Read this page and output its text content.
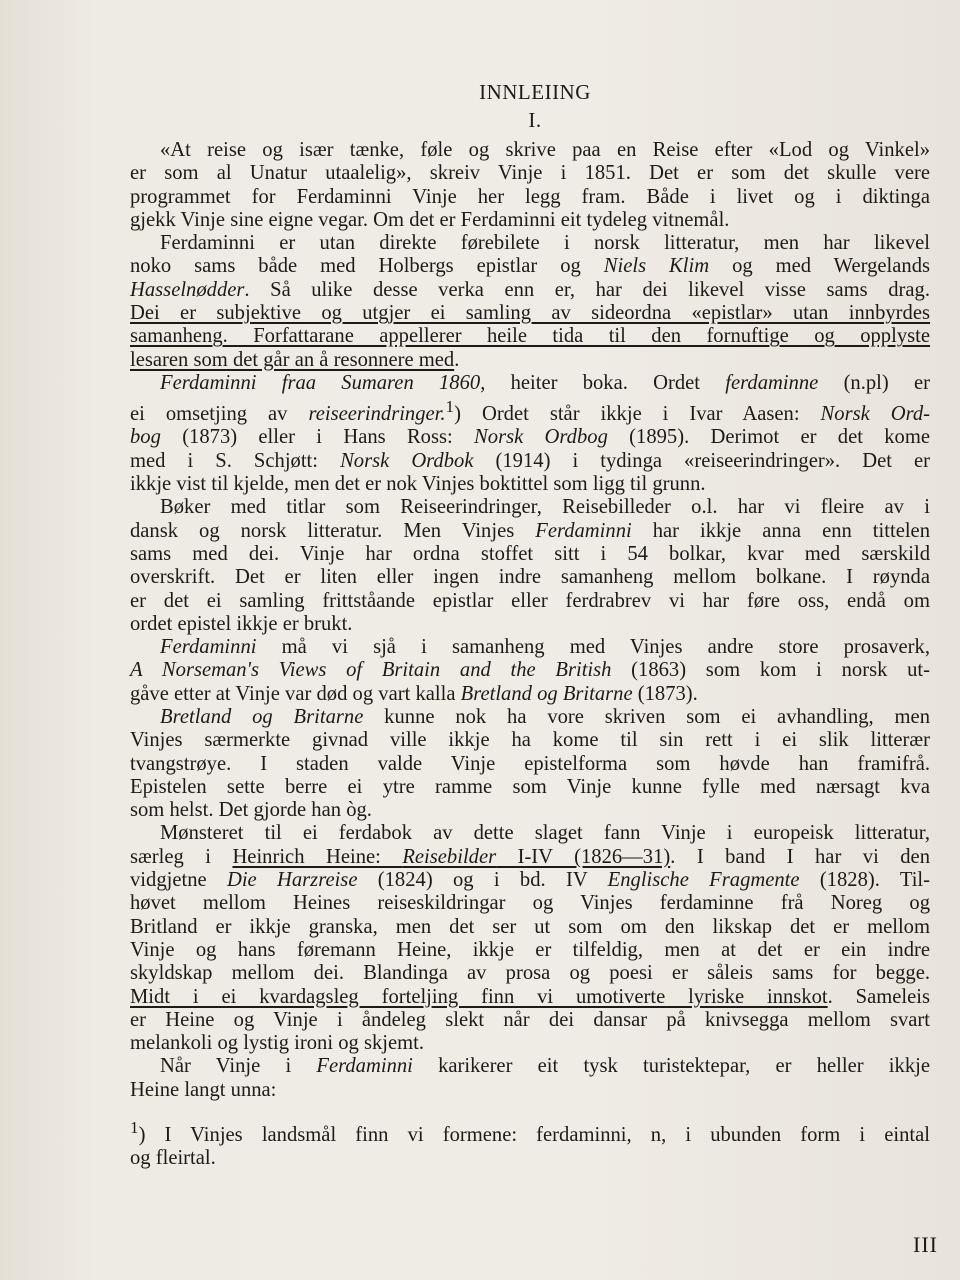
INNLEIING
I.
«At reise og især tænke, føle og skrive paa en Reise efter «Lod og Vinkel»
er som al Unatur utaalelig», skreiv Vinje i 1851. Det er som det skulle vere
programmet for Ferdaminni Vinje her legg fram. Både i livet og i diktinga
gjekk Vinje sine eigne vegar. Om det er Ferdaminni eit tydeleg vitnemål.
Ferdaminni er utan direkte førebilete i norsk litteratur, men har likevel
noko sams både med Holbergs epistlar og Niels Klim og med Wergelands
Hasselnødder. Så ulike desse verka enn er, har dei likevel visse sams drag.
Dei er subjektive og utgjer ei samling av sideordna «epistlar» utan innbyrdes
samanheng. Forfattarane appellerer heile tida til den fornuftige og opplyste
lesaren som det går an å resonnere med.
Ferdaminni fraa Sumaren 1860, heiter boka. Ordet ferdaminne (n.pl) er
ei omsetjing av reiseerindringer.$^1$) Ordet står ikkje i Ivar Aasen: Norsk Ord-
bog (1873) eller i Hans Ross: Norsk Ordbog (1895). Derimot er det kome
med i S. Schjøtt: Norsk Ordbok (1914) i tydinga «reiseerindringer». Det er
ikkje vist til kjelde, men det er nok Vinjes boktittel som ligg til grunn.
Bøker med titlar som Reiseerindringer, Reisebilleder o.l. har vi fleire av i
dansk og norsk litteratur. Men Vinjes Ferdaminni har ikkje anna enn tittelen
sams med dei. Vinje har ordna stoffet sitt i 54 bolkar, kvar med særskild
overskrift. Det er liten eller ingen indre samanheng mellom bolkane. I røynda
er det ei samling frittståande epistlar eller ferdrabrev vi har føre oss, endå om
ordet epistel ikkje er brukt.
Ferdaminni må vi sjå i samanheng med Vinjes andre store prosaverk,
A Norseman's Views of Britain and the British (1863) som kom i norsk ut-
gåve etter at Vinje var død og vart kalla Bretland og Britarne (1873).
Bretland og Britarne kunne nok ha vore skriven som ei avhandling, men
Vinjes særmerkte givnad ville ikkje ha kome til sin rett i ei slik litterær
tvangstrøye. I staden valde Vinje epistelforma som høvde han framifrå.
Epistelen sette berre ei ytre ramme som Vinje kunne fylle med nærsagt kva
som helst. Det gjorde han òg.
Mønsteret til ei ferdabok av dette slaget fann Vinje i europeisk litteratur,
særleg i Heinrich Heine: Reisebilder I-IV (1826—31). I band I har vi den
vidgjetne Die Harzreise (1824) og i bd. IV Englische Fragmente (1828). Til-
høvet mellom Heines reiseskildringar og Vinjes ferdaminne frå Noreg og
Britland er ikkje granska, men det ser ut som om den likskap det er mellom
Vinje og hans føremann Heine, ikkje er tilfeldig, men at det er ein indre
skyldskap mellom dei. Blandinga av prosa og poesi er såleis sams for begge.
Midt i ei kvardagsleg forteljing finn vi umotiverte lyriske innskot. Sameleis
er Heine og Vinje i åndeleg slekt når dei dansar på knivsegga mellom svart
melankoli og lystig ironi og skjemt.
Når Vinje i Ferdaminni karikerer eit tysk turistektepar, er heller ikkje
Heine langt unna:
$^1$) I Vinjes landsmål finn vi formene: ferdaminni, n, i ubunden form i eintal
og fleirtal.
III
